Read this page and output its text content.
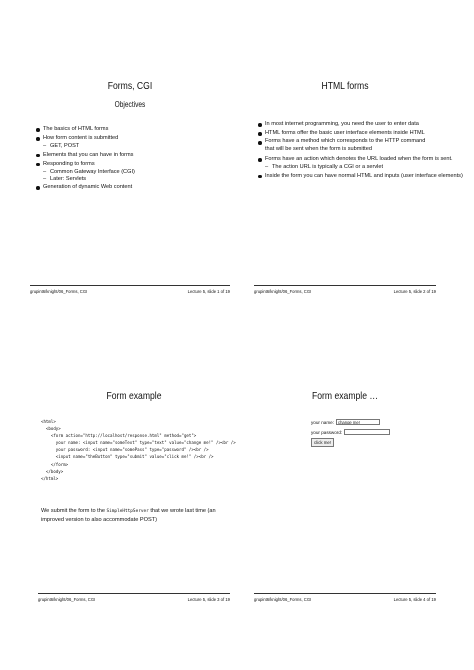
Forms, CGI
Objectives
The basics of HTML forms
How form content is submitted
– GET, POST
Elements that you can have in forms
Responding to forms
– Common Gateway Interface (CGI)
– Later: Servlets
Generation of dynamic Web content
grupint6/knight/06_Forms, CGI	Lecture 5, slide 1 of 19
HTML forms
In most internet programming, you need the user to enter data
HTML forms offer the basic user interface elements inside HTML
Forms have a method which corresponds to the HTTP command that will be sent when the form is submitted
Forms have an action which denotes the URL loaded when the form is sent.
– The action URL is typically a CGI or a servlet
Inside the form you can have normal HTML and inputs (user interface elements)
grupint6/knight/06_Forms, CGI	Lecture 5, slide 2 of 19
Form example
<html>
<body>
<form action="http://localhost/response.html" method="get">
your name: <input name="someText" type="text" value="change me!" /><br />
your password: <input name="somePass" type="password" /><br />
<input name="theButton" type="submit" value="click me!" /><br />
</form>
</body>
</html>
We submit the form to the SimpleHttpServer that we wrote last time (an improved version to also accommodate POST)
grupint6/knight/06_Forms, CGI	Lecture 5, slide 3 of 19
Form example …
your name: change me!
your password:
click me!
grupint6/knight/06_Forms, CGI	Lecture 5, slide 4 of 19
